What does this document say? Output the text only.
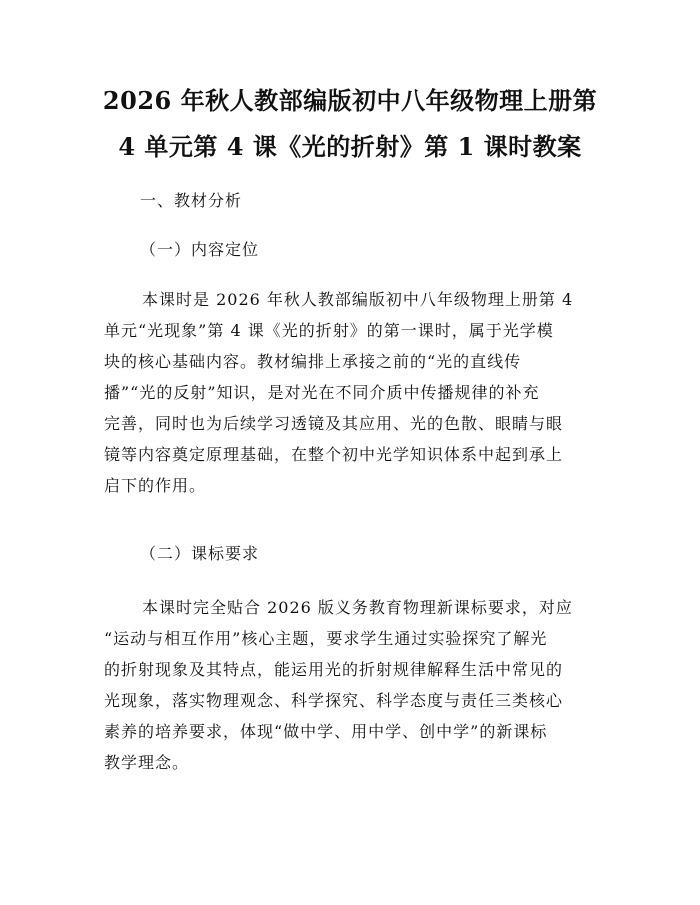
2026 年秋人教部编版初中八年级物理上册第
4 单元第 4 课《光的折射》第 1 课时教案

一、教材分析

（一）内容定位

本课时是 2026 年秋人教部编版初中八年级物理上册第 4
单元“光现象”第 4 课《光的折射》的第一课时，属于光学模
块的核心基础内容。教材编排上承接之前的“光的直线传
播”“光的反射”知识，是对光在不同介质中传播规律的补充
完善，同时也为后续学习透镜及其应用、光的色散、眼睛与眼
镜等内容奠定原理基础，在整个初中光学知识体系中起到承上
启下的作用。

（二）课标要求

本课时完全贴合 2026 版义务教育物理新课标要求，对应
“运动与相互作用”核心主题，要求学生通过实验探究了解光
的折射现象及其特点，能运用光的折射规律解释生活中常见的
光现象，落实物理观念、科学探究、科学态度与责任三类核心
素养的培养要求，体现“做中学、用中学、创中学”的新课标
教学理念。
